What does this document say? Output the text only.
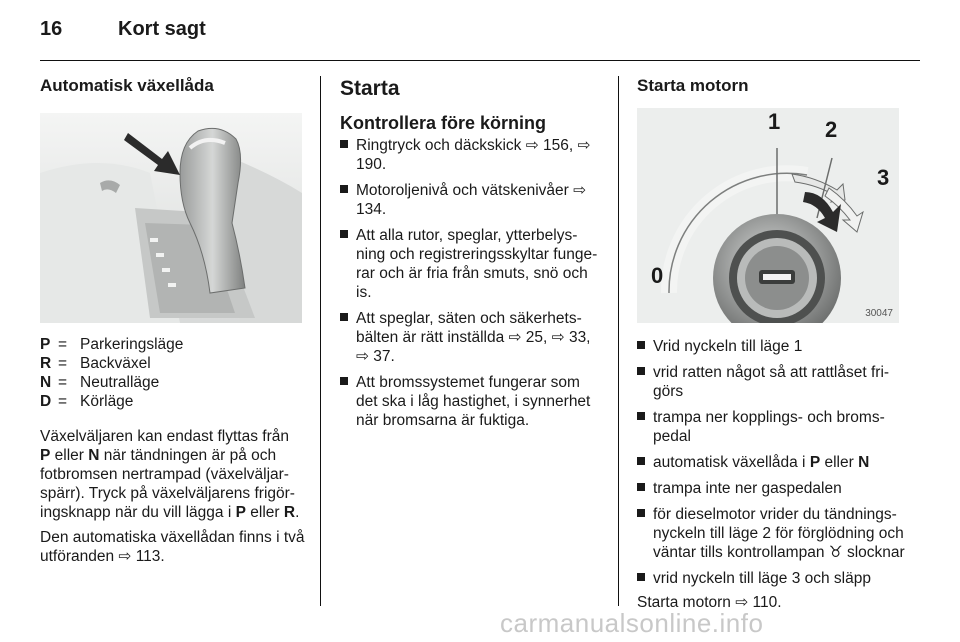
16	Kort sagt
Automatisk växellåda
P	=	Parkeringsläge
R	=	Backväxel
N	=	Neutralläge
D	=	Körläge

Växelväljaren kan endast flyttas från
P eller N när tändningen är på och fotbromsen nertrampad (växelväljar-spärr). Tryck på växelväljarens frigör-ingsknapp när du vill lägga i P eller R.

Den automatiska växellådan finns i två utföranden ⇨ 113.

Starta
Kontrollera före körning
Ringtryck och däckskick ⇨ 156, ⇨ 190.
Motoroljenivå och vätskenivåer ⇨ 134.
Att alla rutor, speglar, ytterbelys-ning och registreringsskyltar funge-rar och är fria från smuts, snö och is.
Att speglar, säten och säkerhets-bälten är rätt inställda ⇨ 25, ⇨ 33, ⇨ 37.
Att bromssystemet fungerar som det ska i låg hastighet, i synnerhet när bromsarna är fuktiga.
Starta motorn
0
1 2
3
30047
Vrid nyckeln till läge 1
vrid ratten något så att rattlåset fri-görs
trampa ner kopplings- och broms-pedal
automatisk växellåda i P eller N
trampa inte ner gaspedalen
för dieselmotor vrider du tändnings-nyckeln till läge 2 för förglödning och väntar tills kontrollampan ♉ slocknar
vrid nyckeln till läge 3 och släpp
Starta motorn ⇨ 110.
carmanualsonline.info
